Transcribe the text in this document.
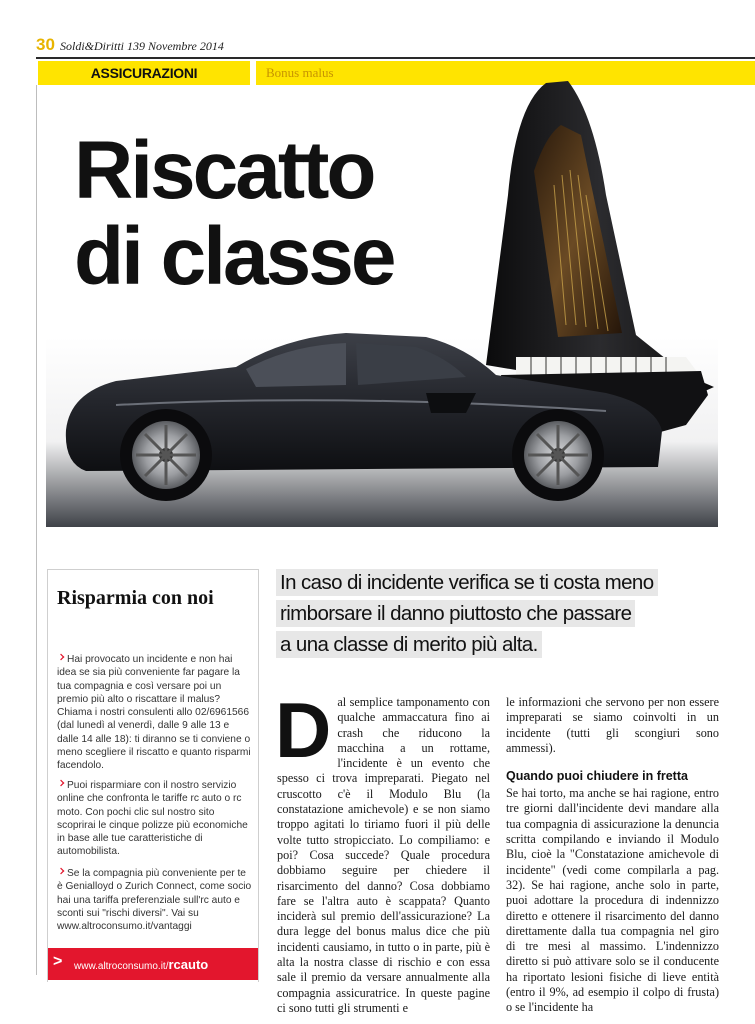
30 Soldi&Diritti 139 Novembre 2014
ASSICURAZIONI	Bonus malus
Riscatto
di classe
Risparmia con noi
Hai provocato un incidente e non hai idea se sia più conveniente far pagare la tua compagnia e così versare poi un premio più alto o riscattare il malus? Chiama i nostri consulenti allo 02/6961566 (dal lunedì al venerdì, dalle 9 alle 13 e dalle 14 alle 18): ti diranno se ti conviene o meno scegliere il riscatto e quanto risparmi facendolo.
Puoi risparmiare con il nostro servizio online che confronta le tariffe rc auto o rc moto. Con pochi clic sul nostro sito scoprirai le cinque polizze più economiche in base alle tue caratteristiche di automobilista.
Se la compagnia più conveniente per te è Genialloyd o Zurich Connect, come socio hai una tariffa preferenziale sull'rc auto e sconti sui "rischi diversi". Vai su www.altroconsumo.it/vantaggi
> www.altroconsumo.it/rcauto
In caso di incidente verifica se ti costa meno
rimborsare il danno piuttosto che passare
a una classe di merito più alta.
Dal semplice tamponamento con qualche ammaccatura fino ai crash che riducono la macchina a un rottame, l'incidente è un evento che spesso ci trova impreparati. Piegato nel cruscotto c'è il Modulo Blu (la constatazione amichevole) e se non siamo troppo agitati lo tiriamo fuori il più delle volte tutto stropicciato. Lo compiliamo: e poi? Cosa succede? Quale procedura dobbiamo seguire per chiedere il risarcimento del danno? Cosa dobbiamo fare se l'altra auto è scappata? Quanto inciderà sul premio dell'assicurazione? La dura legge del bonus malus dice che più incidenti causiamo, in tutto o in parte, più è alta la nostra classe di rischio e con essa sale il premio da versare annualmente alla compagnia assicuratrice. In queste pagine ci sono tutti gli strumenti e

le informazioni che servono per non essere impreparati se siamo coinvolti in un incidente (tutti gli scongiuri sono ammessi).

Quando puoi chiudere in fretta

Se hai torto, ma anche se hai ragione, entro tre giorni dall'incidente devi mandare alla tua compagnia di assicurazione la denuncia scritta compilando e inviando il Modulo Blu, cioè la "Constatazione amichevole di incidente" (vedi come compilarla a pag. 32). Se hai ragione, anche solo in parte, puoi adottare la procedura di indennizzo diretto e ottenere il risarcimento del danno direttamente dalla tua compagnia nel giro di tre mesi al massimo. L'indennizzo diretto si può attivare solo se il conducente ha riportato lesioni fisiche di lieve entità (entro il 9%, ad esempio il colpo di frusta) o se l'incidente ha
